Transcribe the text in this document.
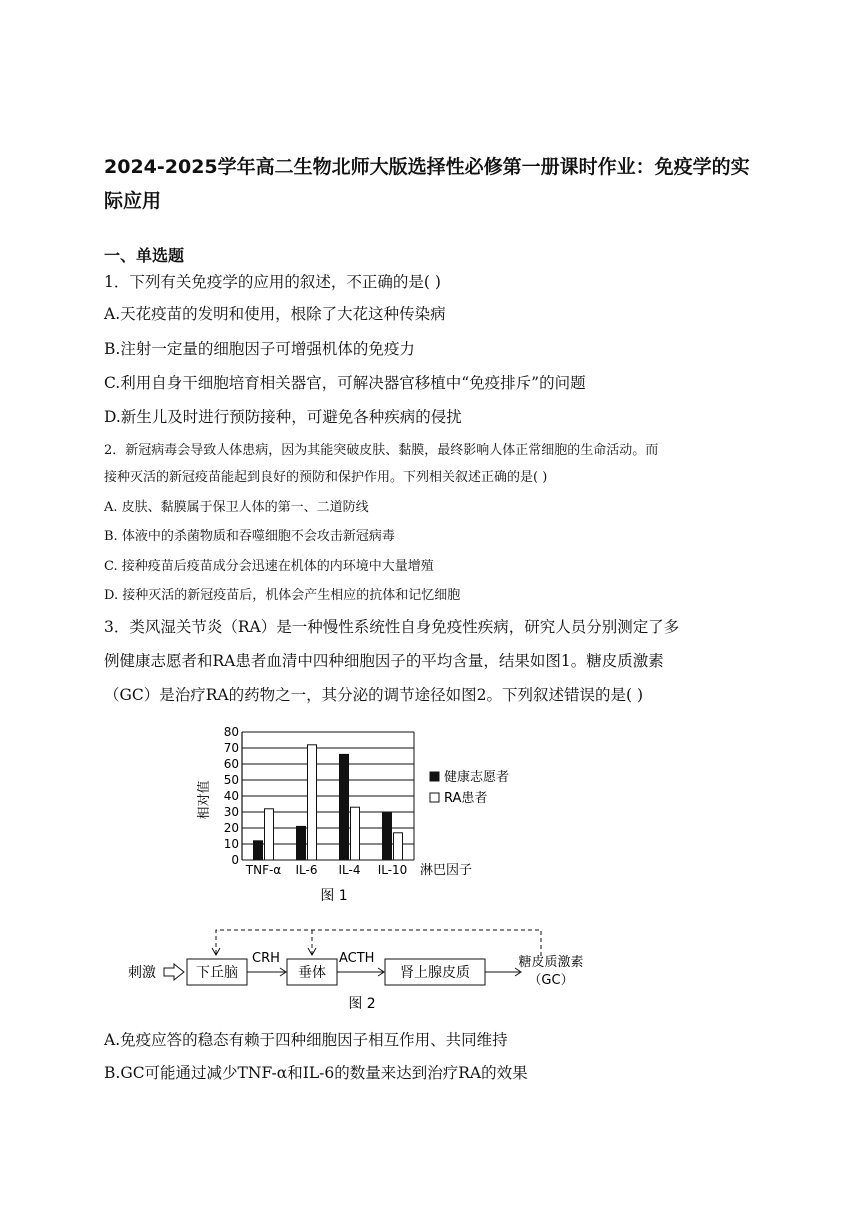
2024-2025学年高二生物北师大版选择性必修第一册课时作业：免疫学的实际应用
一、单选题
1．下列有关免疫学的应用的叙述，不正确的是( )
A.天花疫苗的发明和使用，根除了大花这种传染病
B.注射一定量的细胞因子可增强机体的免疫力
C.利用自身干细胞培育相关器官，可解决器官移植中“免疫排斥”的问题
D.新生儿及时进行预防接种，可避免各种疾病的侵扰
2．新冠病毒会导致人体患病，因为其能突破皮肤、黏膜，最终影响人体正常细胞的生命活动。而
接种灭活的新冠疫苗能起到良好的预防和保护作用。下列相关叙述正确的是( )
A. 皮肤、黏膜属于保卫人体的第一、二道防线
B. 体液中的杀菌物质和吞噬细胞不会攻击新冠病毒
C. 接种疫苗后疫苗成分会迅速在机体的内环境中大量增殖
D. 接种灭活的新冠疫苗后，机体会产生相应的抗体和记忆细胞
3．类风湿关节炎（RA）是一种慢性系统性自身免疫性疾病，研究人员分别测定了多
例健康志愿者和RA患者血清中四种细胞因子的平均含量，结果如图1。糖皮质激素
（GC）是治疗RA的药物之一，其分泌的调节途径如图2。下列叙述错误的是( )
0
10
20
30
40
50
60
70
80
TNF-α IL-6 IL-4 IL-10
相对值
淋巴因子
健康志愿者
RA患者
图 1
刺激	下丘脑
CRH
垂体
ACTH
肾上腺皮质
糖皮质激素
（GC）
图 2
A.免疫应答的稳态有赖于四种细胞因子相互作用、共同维持
B.GC可能通过减少TNF-α和IL-6的数量来达到治疗RA的效果
